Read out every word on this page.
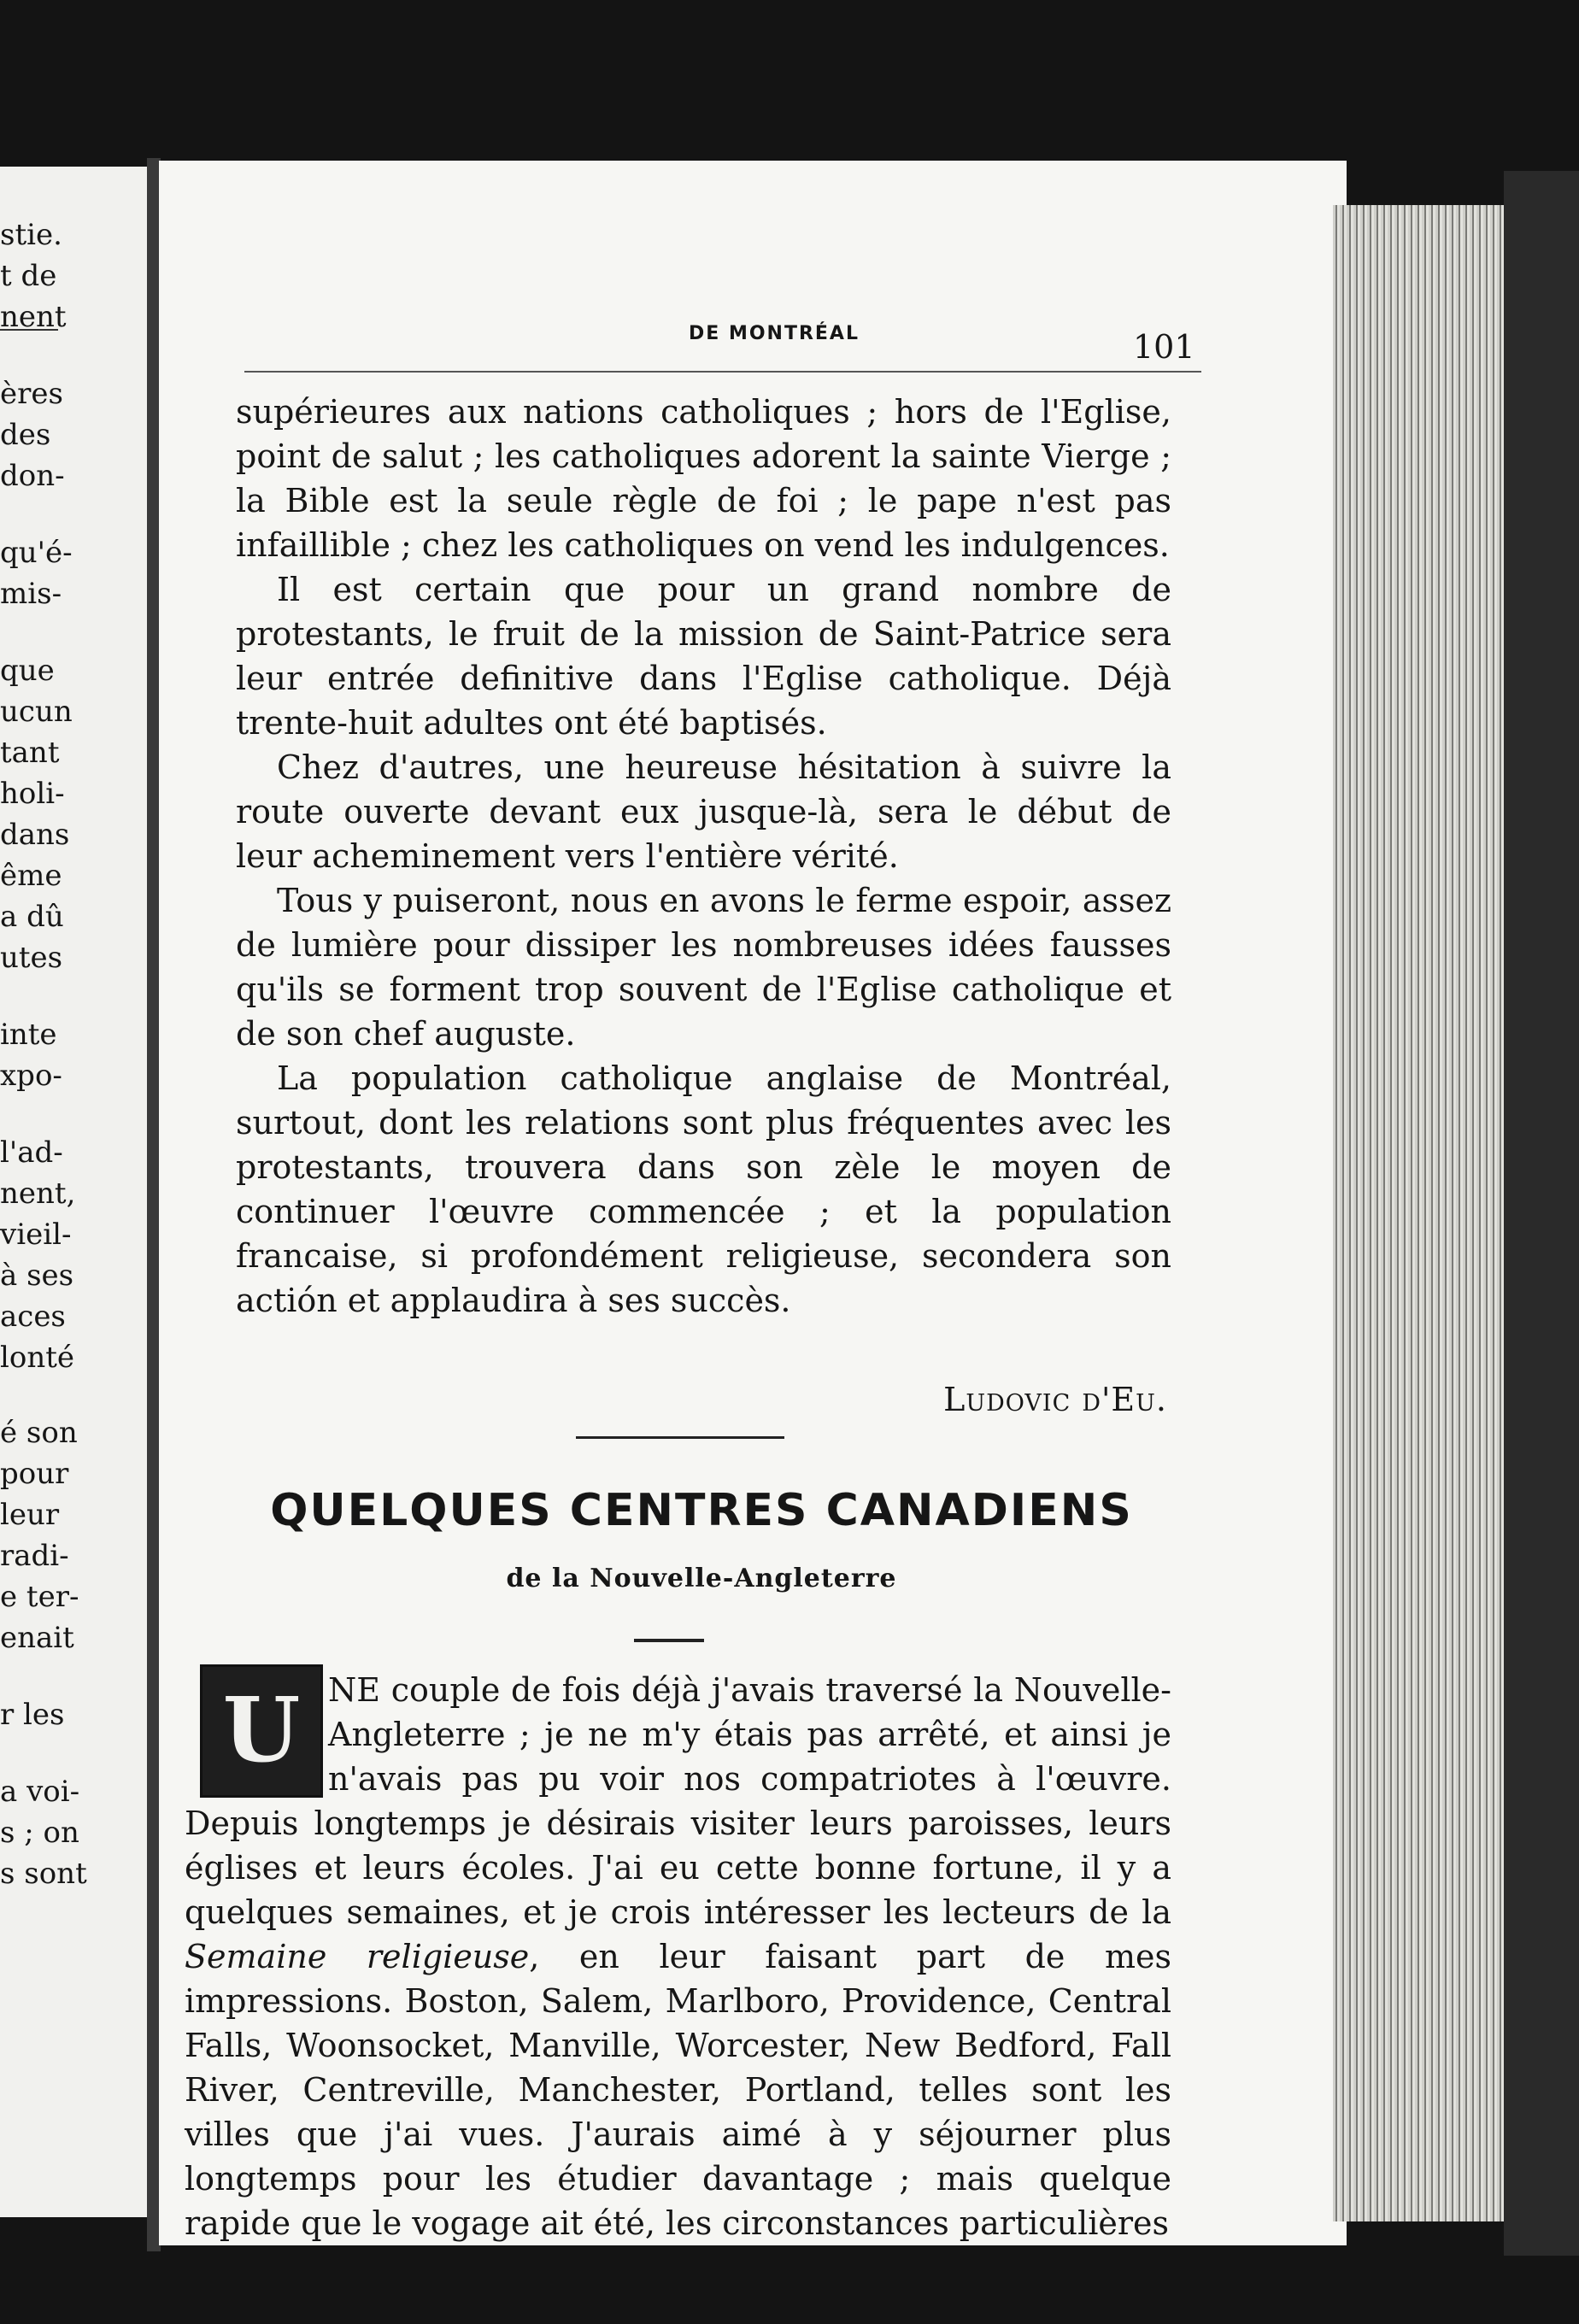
stie.
t de
nent
ères
des
don-
qu'é-
mis-
que
ucun
tant
holi-
dans
ême
a dû
utes
inte
xpo-
l'ad-
nent,
vieil-
à ses
aces
lonté
é son
pour
leur
radi-
e ter-
enait
r les
a voi-
s ; on
s sont
DE MONTRÉAL	101

supérieures aux nations catholiques ; hors de l'Eglise, point de salut ; les catholiques adorent la sainte Vierge ; la Bible est la seule règle de foi ; le pape n'est pas infaillible ; chez les catholiques on vend les indulgences.

Il est certain que pour un grand nombre de protestants, le fruit de la mission de Saint-Patrice sera leur entrée definitive dans l'Eglise catholique. Déjà trente-huit adultes ont été baptisés.

Chez d'autres, une heureuse hésitation à suivre la route ouverte devant eux jusque-là, sera le début de leur acheminement vers l'entière vérité.

Tous y puiseront, nous en avons le ferme espoir, assez de lumière pour dissiper les nombreuses idées fausses qu'ils se forment trop souvent de l'Eglise catholique et de son chef auguste.

La population catholique anglaise de Montréal, surtout, dont les relations sont plus fréquentes avec les protestants, trouvera dans son zèle le moyen de continuer l'œuvre commencée ; et la population francaise, si profondément religieuse, secondera son actión et applaudira à ses succès.

Ludovic d'Eu.
QUELQUES CENTRES CANADIENS
de la Nouvelle-Angleterre
U NE couple de fois déjà j'avais traversé la Nouvelle-Angleterre ; je ne m'y étais pas arrêté, et ainsi je n'avais pas pu voir nos compatriotes à l'œuvre. Depuis longtemps je désirais visiter leurs paroisses, leurs églises et leurs écoles. J'ai eu cette bonne fortune, il y a quelques semaines, et je crois intéresser les lecteurs de la Semaine religieuse, en leur faisant part de mes impressions. Boston, Salem, Marlboro, Providence, Central Falls, Woonsocket, Manville, Worcester, New Bedford, Fall River, Centreville, Manchester, Portland, telles sont les villes que j'ai vues. J'aurais aimé à y séjourner plus longtemps pour les étudier davantage ; mais quelque rapide que le vogage ait été, les circonstances particulières
